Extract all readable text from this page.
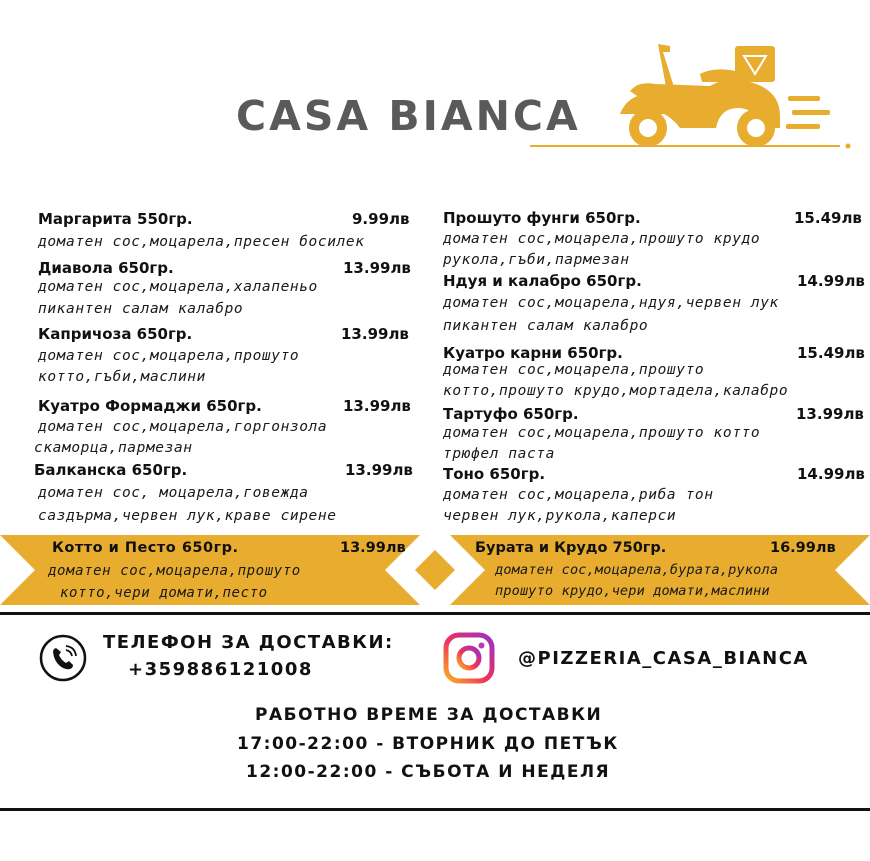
CASA BIANCA
Маргарита 550гр.	9.99лв
доматен сос,моцарела,пресен босилек
Диавола 650гр.	13.99лв
доматен сос,моцарела,халапеньо
пикантен салам калабро
Капричоза 650гр.	13.99лв
доматен сос,моцарела,прошуто
котто,гъби,маслини
Куатро Формаджи 650гр.	13.99лв
доматен сос,моцарела,горгонзола
скаморца,пармезан
Балканска 650гр.	13.99лв
доматен сос, моцарела,говежда
саздърма,червен лук,краве сирене
Прошуто фунги 650гр.	15.49лв
доматен сос,моцарела,прошуто крудо
рукола,гъби,пармезан
Ндуя и калабро 650гр.	14.99лв
доматен сос,моцарела,ндуя,червен лук
пикантен салам калабро
Куатро карни 650гр.	15.49лв
доматен сос,моцарела,прошуто
котто,прошуто крудо,мортадела,калабро
Тартуфо 650гр.	13.99лв
доматен сос,моцарела,прошуто котто
трюфел паста
Тоно 650гр.	14.99лв
доматен сос,моцарела,риба тон
червен лук,рукола,каперси
Котто и Песто 650гр.	13.99лв
доматен сос,моцарела,прошуто
котто,чери домати,песто
Бурата и Крудо 750гр.	16.99лв
доматен сос,моцарела,бурата,рукола
прошуто крудо,чери домати,маслини
ТЕЛЕФОН ЗА ДОСТАВКИ:
+359886121008
@PIZZERIA_CASA_BIANCA
РАБОТНО ВРЕМЕ ЗА ДОСТАВКИ
17:00-22:00 - ВТОРНИК ДО ПЕТЪК
12:00-22:00 - СЪБОТА И НЕДЕЛЯ
